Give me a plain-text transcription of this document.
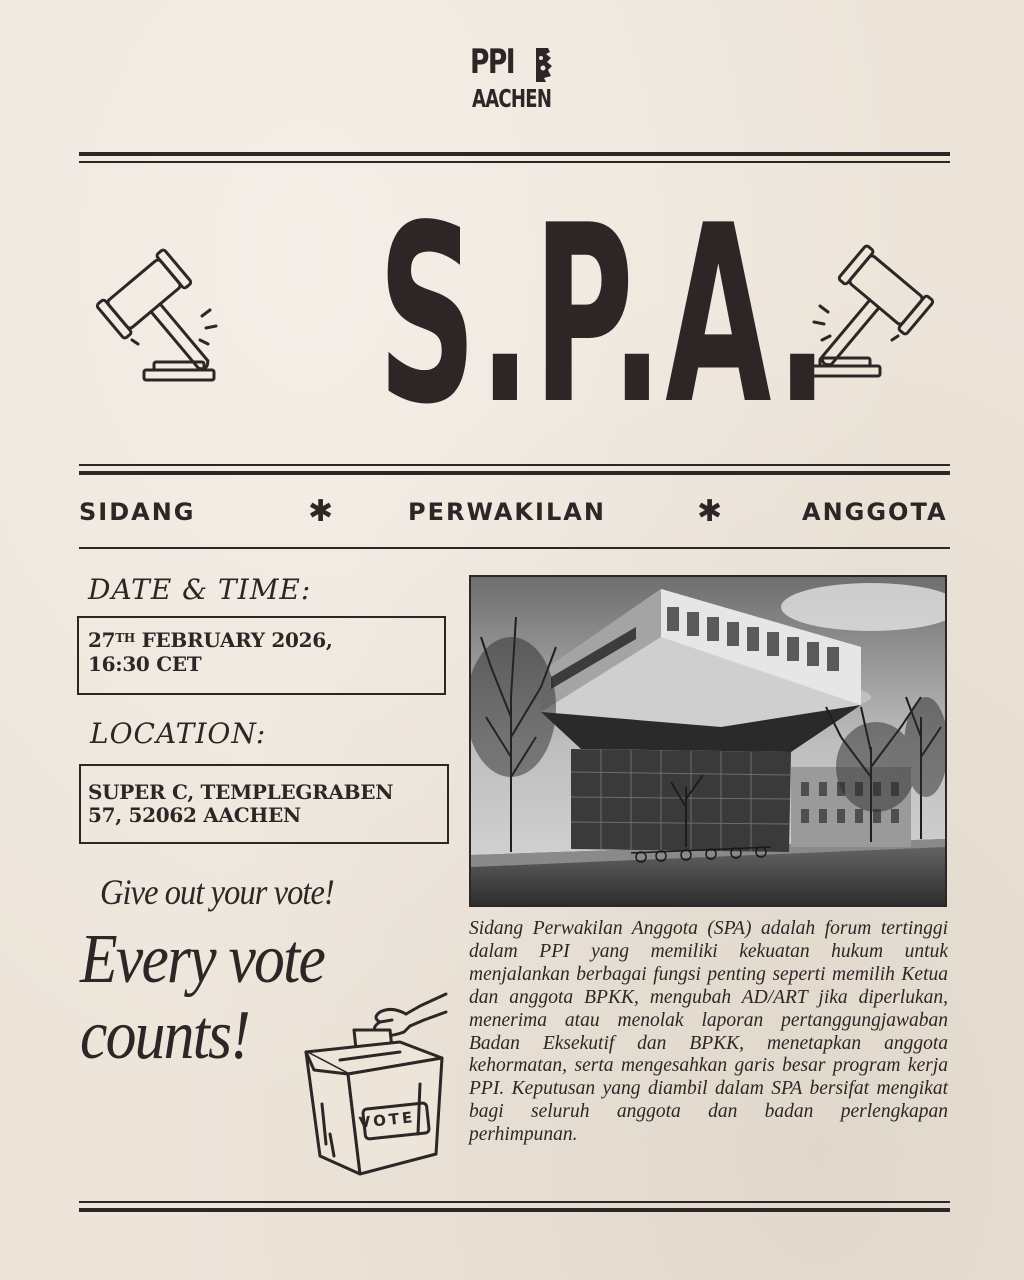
PPI
AACHEN
S.P.A.
SIDANG	✱	PERWAKILAN	✱	ANGGOTA
DATE & TIME:
27TH FEBRUARY 2026,
16:30 CET
LOCATION:
SUPER C, TEMPLEGRABEN
57, 52062 AACHEN
Give out your vote!
Every vote
counts!
VOTE
Sidang Perwakilan Anggota (SPA) adalah forum tertinggi dalam PPI yang memiliki kekuatan hukum untuk menjalankan berbagai fungsi penting seperti memilih Ketua dan anggota BPKK, mengubah AD/ART jika diperlukan, menerima atau menolak laporan pertanggungjawaban Badan Eksekutif dan BPKK, menetapkan anggota kehormatan, serta mengesahkan garis besar program kerja PPI. Keputusan yang diambil dalam SPA bersifat mengikat bagi seluruh anggota dan badan perlengkapan perhimpunan.
